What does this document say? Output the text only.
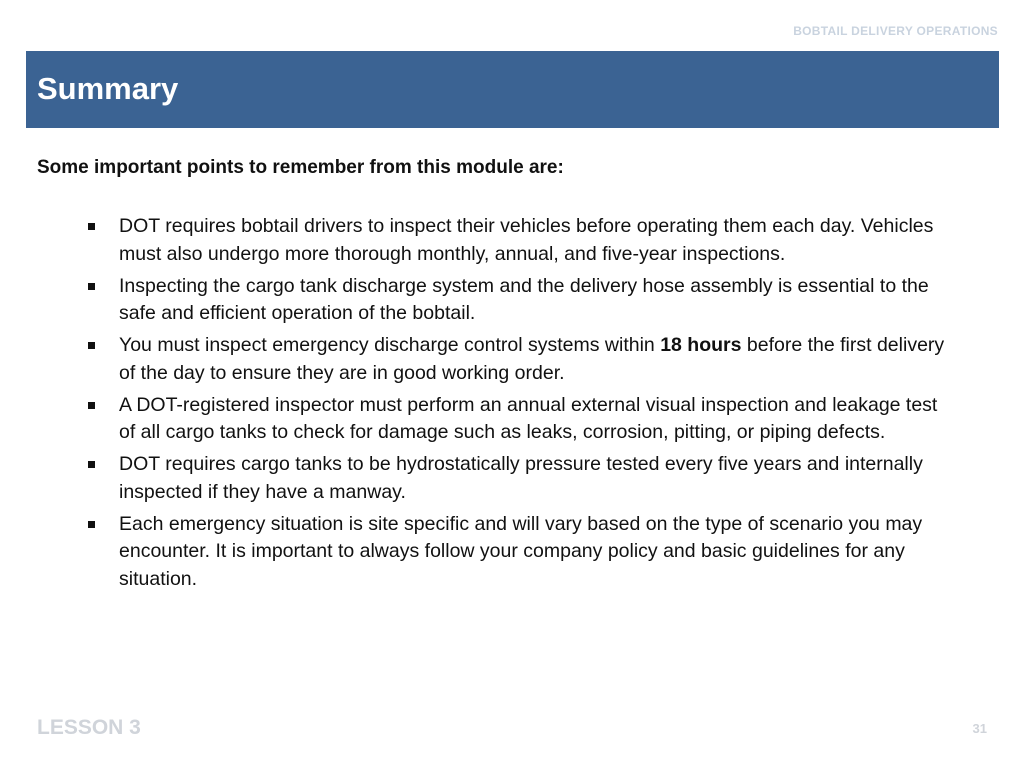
BOBTAIL DELIVERY OPERATIONS
Summary
Some important points to remember from this module are:
DOT requires bobtail drivers to inspect their vehicles before operating them each day. Vehicles must also undergo more thorough monthly, annual, and five-year inspections.
Inspecting the cargo tank discharge system and the delivery hose assembly is essential to the safe and efficient operation of the bobtail.
You must inspect emergency discharge control systems within 18 hours before the first delivery of the day to ensure they are in good working order.
A DOT-registered inspector must perform an annual external visual inspection and leakage test of all cargo tanks to check for damage such as leaks, corrosion, pitting, or piping defects.
DOT requires cargo tanks to be hydrostatically pressure tested every five years and internally inspected if they have a manway.
Each emergency situation is site specific and will vary based on the type of scenario you may encounter. It is important to always follow your company policy and basic guidelines for any situation.
LESSON 3	31
